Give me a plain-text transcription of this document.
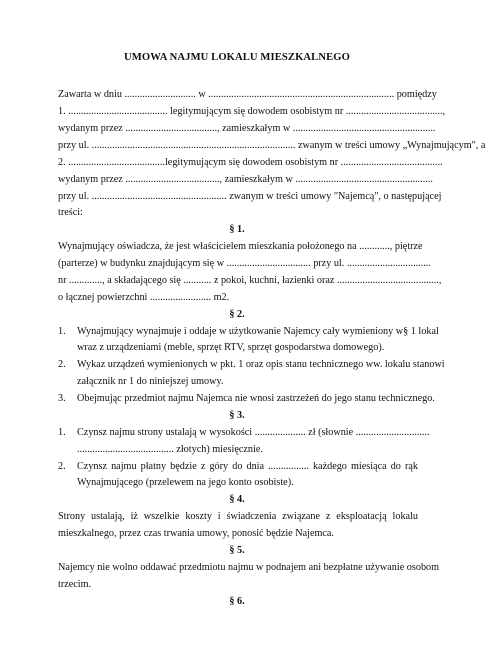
UMOWA NAJMU LOKALU MIESZKALNEGO
Zawarta w dniu ............................ w ......................................................................... pomiędzy
1. ....................................... legitymującym się dowodem osobistym nr ......................................,
wydanym przez ...................................., zamieszkałym w ........................................................
przy ul. ................................................................................ zwanym w treści umowy „Wynajmującym", a
2. ......................................legitymującym się dowodem osobistym nr ........................................
wydanym przez ....................................., zamieszkałym w ......................................................
przy ul. ..................................................... zwanym w treści umowy "Najemcą", o następującej
treści:
§ 1.
Wynajmujący oświadcza, że jest właścicielem mieszkania położonego na ............, piętrze
(parterze) w budynku znajdującym się w ................................. przy ul. .................................
nr ............., a składającego się ........... z pokoi, kuchni, łazienki oraz ........................................,
o łącznej powierzchni ........................ m2.
§ 2.
1. Wynajmujący wynajmuje i oddaje w użytkowanie Najemcy cały wymieniony w§ 1 lokal
wraz z urządzeniami (meble, sprzęt RTV, sprzęt gospodarstwa domowego).
2. Wykaz urządzeń wymienionych w pkt. 1 oraz opis stanu technicznego ww. lokalu stanowi
załącznik nr 1 do niniejszej umowy.
3. Obejmując przedmiot najmu Najemca nie wnosi zastrzeżeń do jego stanu technicznego.
§ 3.
1. Czynsz najmu strony ustalają w wysokości .................... zł (słownie .............................
...................................... złotych) miesięcznie.
2. Czynsz najmu płatny będzie z góry do dnia ................ każdego miesiąca do rąk
Wynajmującego (przelewem na jego konto osobiste).
§ 4.
Strony ustalają, iż wszelkie koszty i świadczenia związane z eksploatacją lokalu
mieszkalnego, przez czas trwania umowy, ponosić będzie Najemca.
§ 5.
Najemcy nie wolno oddawać przedmiotu najmu w podnajem ani bezpłatne używanie osobom
trzecim.
§ 6.
